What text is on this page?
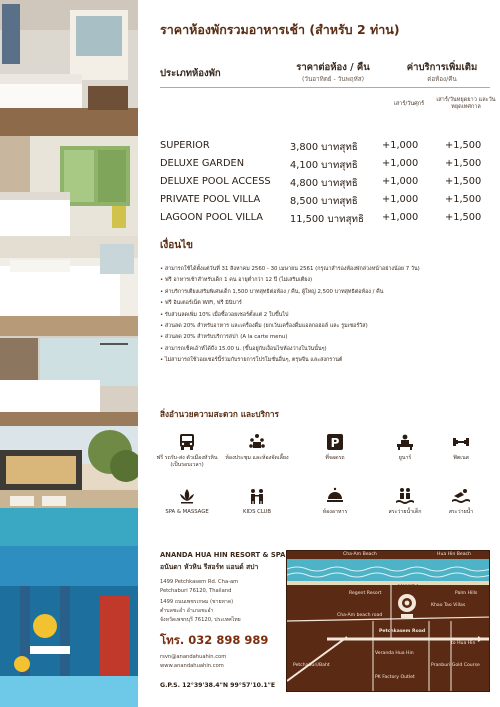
ราคาห้องพักรวมอาหารเช้า (สำหรับ 2 ท่าน)
ประเภทห้องพัก
ราคาต่อห้อง / คืน
(วันอาทิตย์ - วันพฤหัส)
ค่าบริการเพิ่มเติม
ต่อห้อง/คืน
เสาร์/วันศุกร์
เสาร์/วันหยุดยาว และวันหยุดเทศกาล
SUPERIOR	3,800 บาทสุทธิ +1,000	+1,500
DELUXE GARDEN	4,100 บาทสุทธิ +1,000	+1,500
DELUXE POOL ACCESS 4,800 บาทสุทธิ +1,000	+1,500
PRIVATE POOL VILLA	8,500 บาทสุทธิ +1,000	+1,500
LAGOON POOL VILLA	11,500 บาทสุทธิ +1,000	+1,500
เงื่อนไข
• สามารถใช้ได้ตั้งแต่วันที่ 31 สิงหาคม 2560 - 30 เมษายน 2561 (กรุณาสำรองห้องพักล่วงหน้าอย่างน้อย 7 วัน)
• ฟรี อาหารเช้าสำหรับเด็ก 1 คน อายุต่ำกว่า 12 ปี (ไม่เสริมเตียง)
• ค่าบริการเตียงเสริมพิเศษเด็ก 1,500 บาทสุทธิต่อห้อง / คืน, ผู้ใหญ่ 2,500 บาทสุทธิต่อห้อง / คืน
• ฟรี อินเตอร์เน็ต WiFi, ฟรี มินิบาร์
• รับส่วนลดเพิ่ม 10% เมื่อซื้อวอยเชอร์ตั้งแต่ 2 ใบขึ้นไป
• ส่วนลด 20% สำหรับอาหาร และเครื่องดื่ม (ยกเว้นเครื่องดื่มแอลกอฮอล์ และ รูมเซอร์วิส)
• ส่วนลด 20% สำหรับบริการสปา (A la carte menu)
• สามารถเช็คเอ้าท์ได้ถึง 15.00 น. (ขึ้นอยู่กับเงื่อนไขห้องว่างในวันนั้นๆ)
• ไม่สามารถใช้วอยเชอร์นี้ร่วมกับรายการโปรโมชั่นอื่นๆ, ตรุษจีน และสงกรานต์
สิ่งอำนวยความสะดวก และบริการ
ฟรี รถรับ-ส่ง ตัวเมืองหัวหิน (เป็นรอบเวลา)
ห้องประชุม และห้องจัดเลี้ยง
P
ที่จอดรถ	ยูนาร์	ฟิตเนส
SPA & MASSAGE	KIDS CLUB	ห้องอาหาร	สระว่ายน้ำเด็ก	สระว่ายน้ำ
ANANDA HUA HIN RESORT & SPA
อนันดา หัวหิน รีสอร์ท แอนด์ สปา
1499 Petchkasem Rd. Cha-am
Petchaburi 76120, Thailand
1499 ถนนเพชรเกษม (ชายหาด)
ตำบลชะอำ อำเภอชะอำ
จังหวัดเพชรบุรี 76120, ประเทศไทย
โทร. 032 898 989
rsvn@anandahuahin.com
www.anandahuahin.com
G.P.S. 12°39'38.4"N 99°57'10.1"E
ANANDA
Cha-Am Beach	Hua Hin Beach
Cha-Am beach road
Petchkasem Road
to Hua Hin
Petchaburi/Baht
Regent Resort
Veranda Hua Hin
Palm Hills
Pranburi Gold Course
Khao Tao Villas
PK Factory Outlet
